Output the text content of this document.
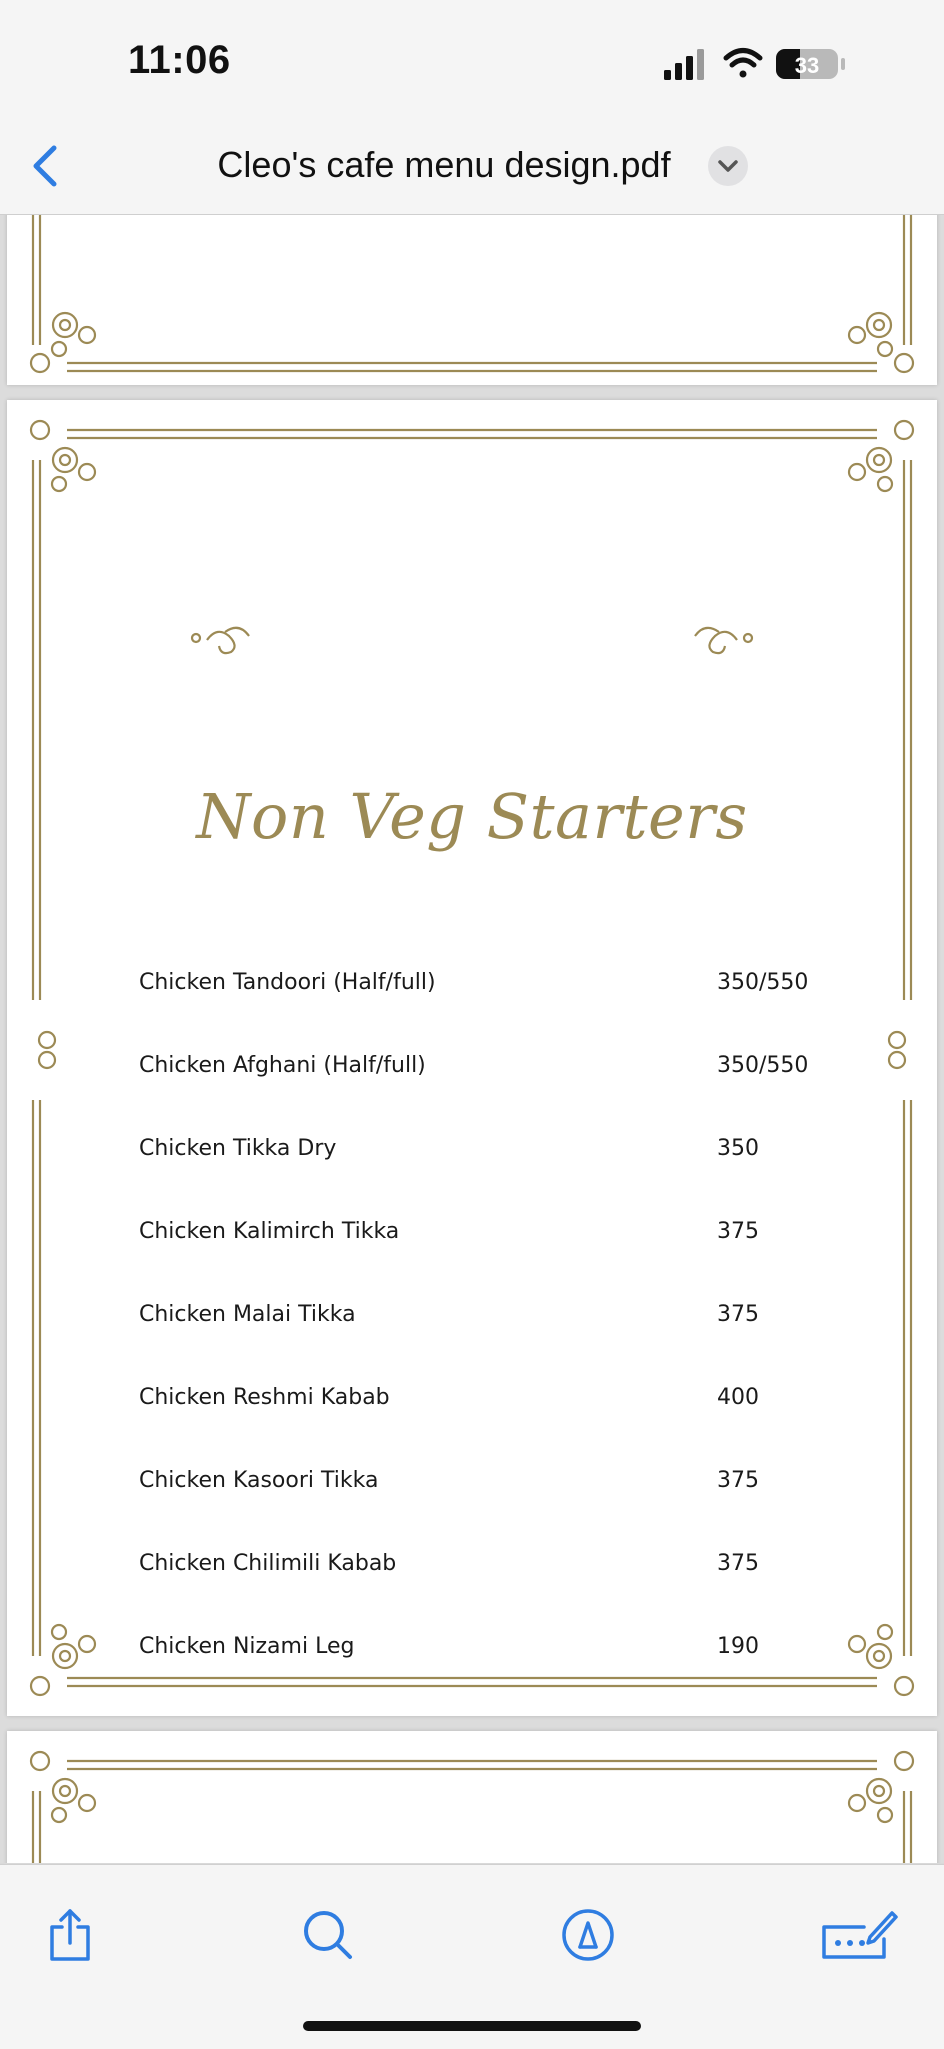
11:06	33
Cleo's cafe menu design.pdf
Non Veg Starters
Chicken Tandoori (Half/full)	350/550
Chicken Afghani (Half/full)	350/550
Chicken Tikka Dry	350
Chicken Kalimirch Tikka	375
Chicken Malai Tikka	375
Chicken Reshmi Kabab	400
Chicken Kasoori Tikka	375
Chicken Chilimili Kabab	375
Chicken Nizami Leg	190
